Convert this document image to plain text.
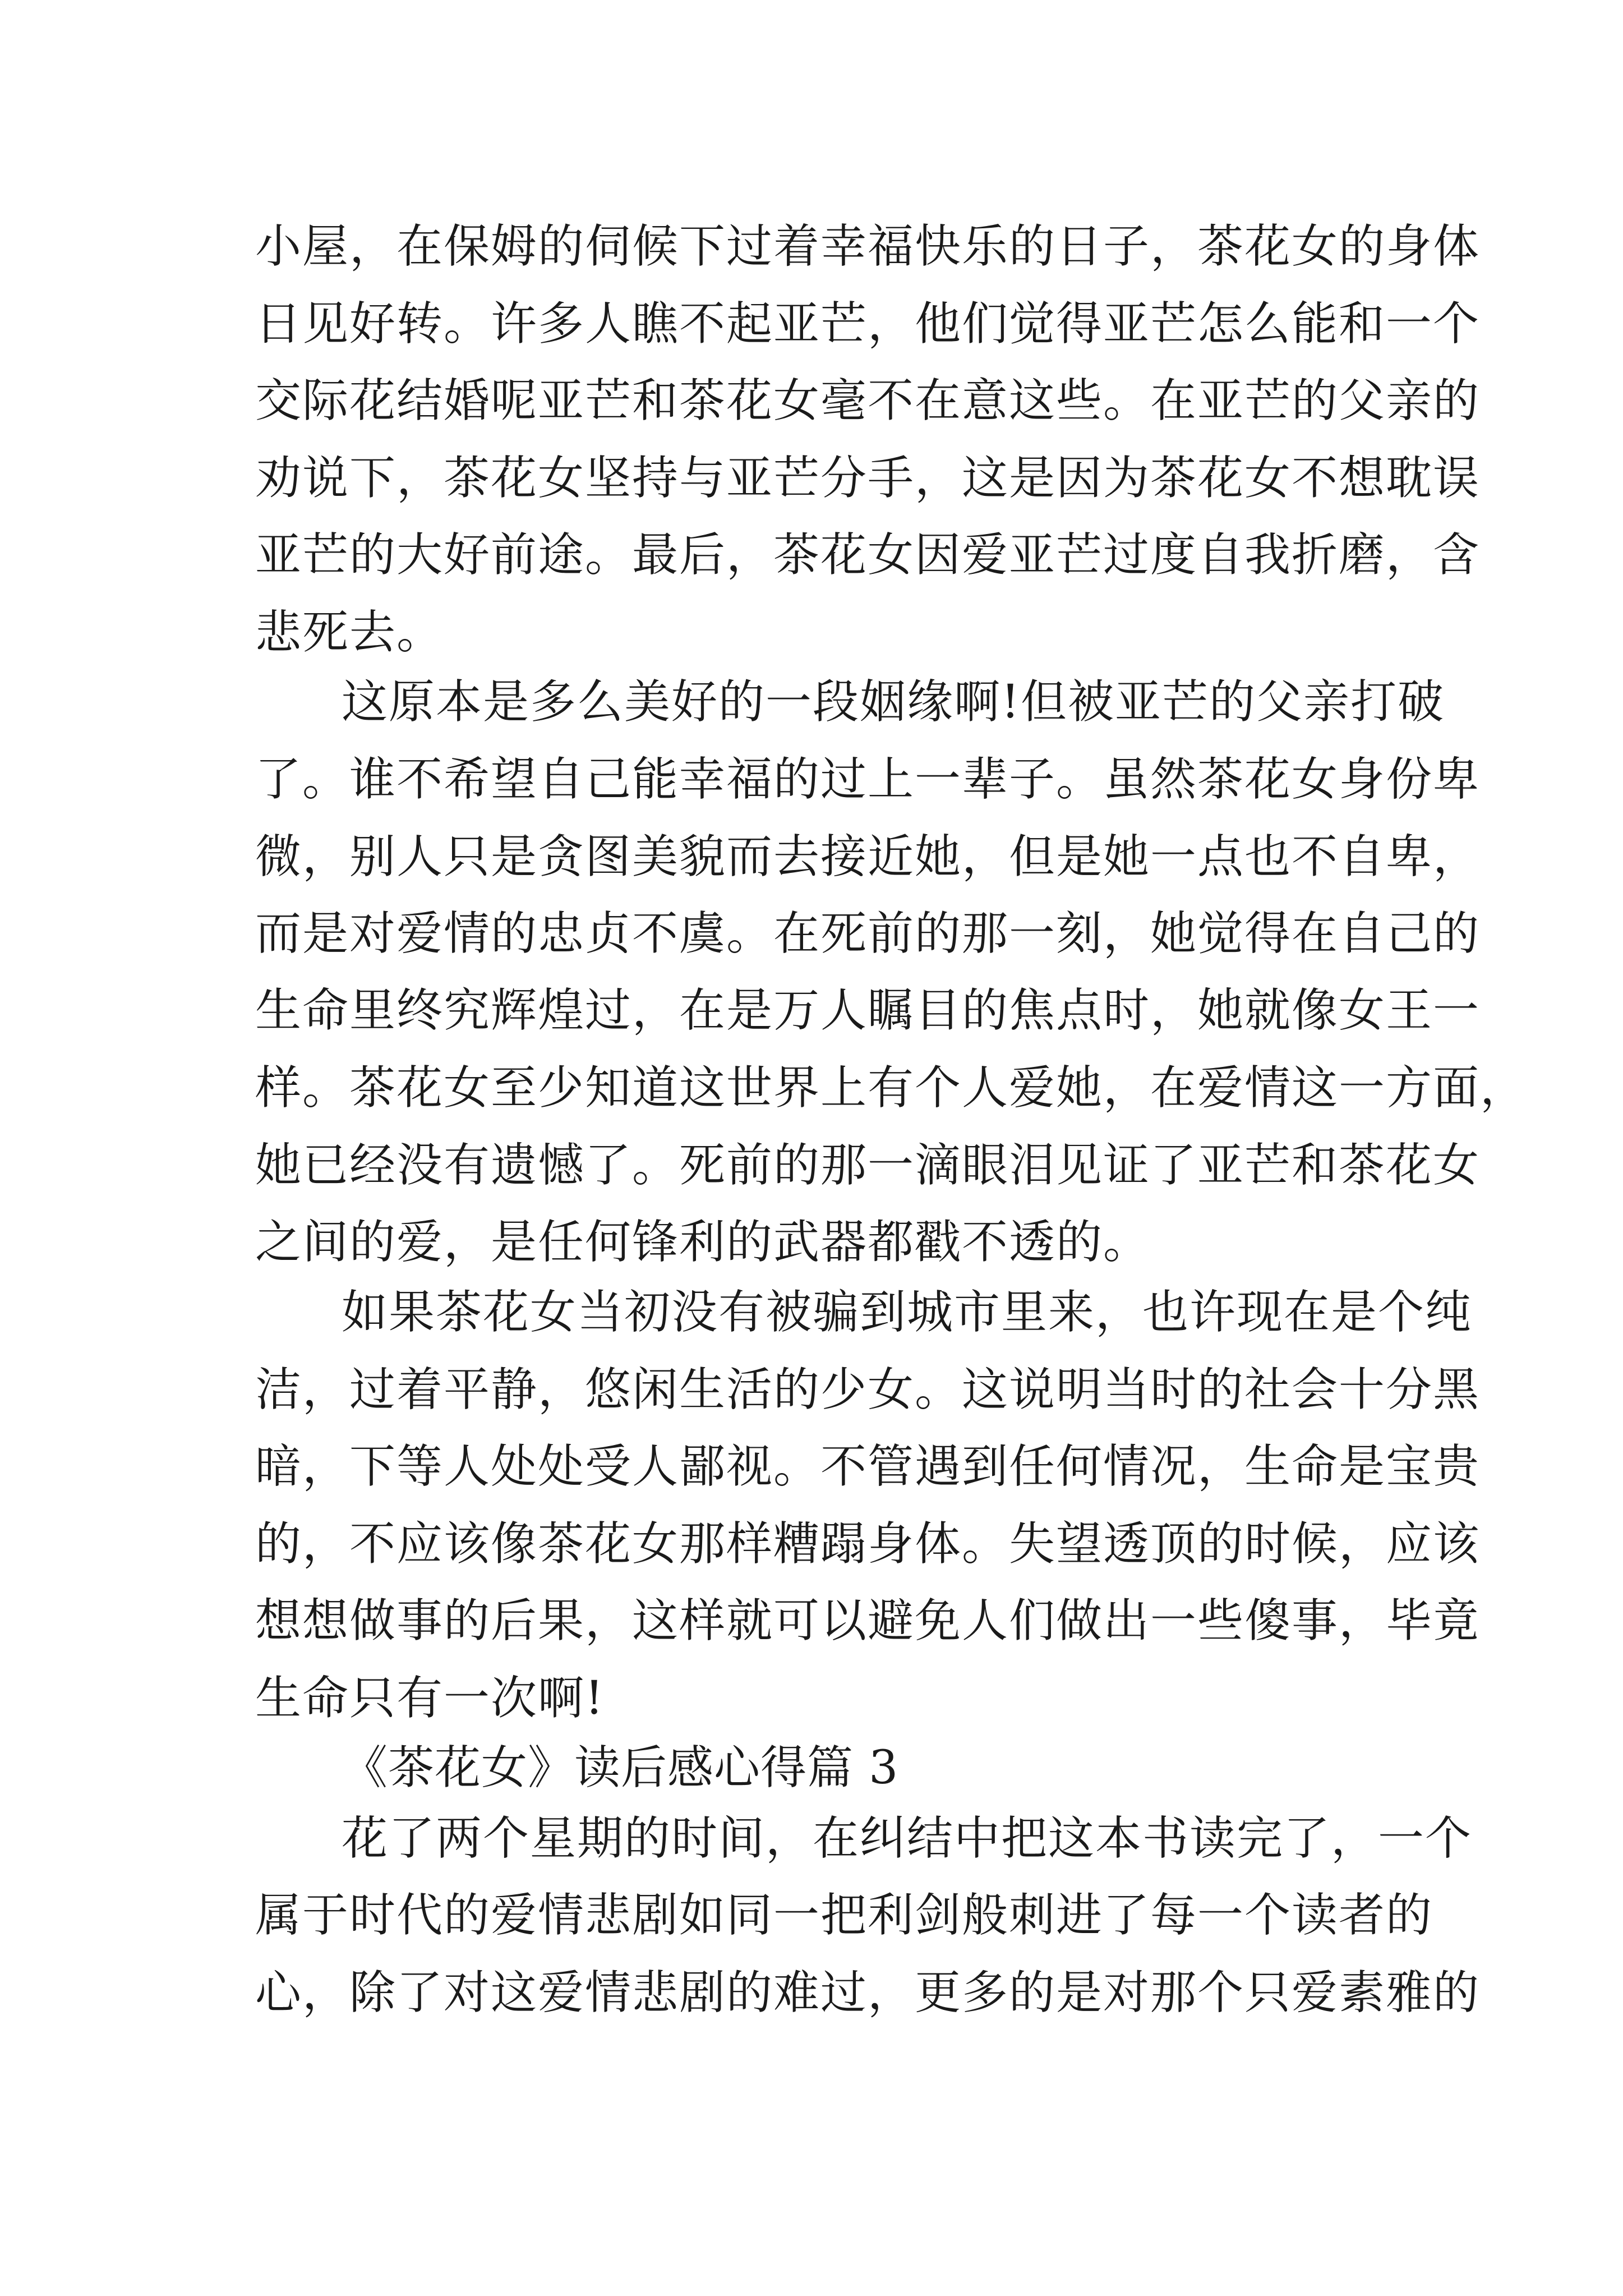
小屋，在保姆的伺候下过着幸福快乐的日子，茶花女的身体
日见好转。许多人瞧不起亚芒，他们觉得亚芒怎么能和一个
交际花结婚呢亚芒和茶花女毫不在意这些。在亚芒的父亲的
劝说下，茶花女坚持与亚芒分手，这是因为茶花女不想耽误
亚芒的大好前途。最后，茶花女因爱亚芒过度自我折磨，含
悲死去。
这原本是多么美好的一段姻缘啊!但被亚芒的父亲打破
了。谁不希望自己能幸福的过上一辈子。虽然茶花女身份卑
微，别人只是贪图美貌而去接近她，但是她一点也不自卑，
而是对爱情的忠贞不虞。在死前的那一刻，她觉得在自己的
生命里终究辉煌过，在是万人瞩目的焦点时，她就像女王一
样。茶花女至少知道这世界上有个人爱她，在爱情这一方面，
她已经没有遗憾了。死前的那一滴眼泪见证了亚芒和茶花女
之间的爱，是任何锋利的武器都戳不透的。
如果茶花女当初没有被骗到城市里来，也许现在是个纯
洁，过着平静，悠闲生活的少女。这说明当时的社会十分黑
暗，下等人处处受人鄙视。不管遇到任何情况，生命是宝贵
的，不应该像茶花女那样糟蹋身体。失望透顶的时候，应该
想想做事的后果，这样就可以避免人们做出一些傻事，毕竟
生命只有一次啊!
《茶花女》读后感心得篇 3
花了两个星期的时间，在纠结中把这本书读完了，一个
属于时代的爱情悲剧如同一把利剑般刺进了每一个读者的
心，除了对这爱情悲剧的难过，更多的是对那个只爱素雅的
